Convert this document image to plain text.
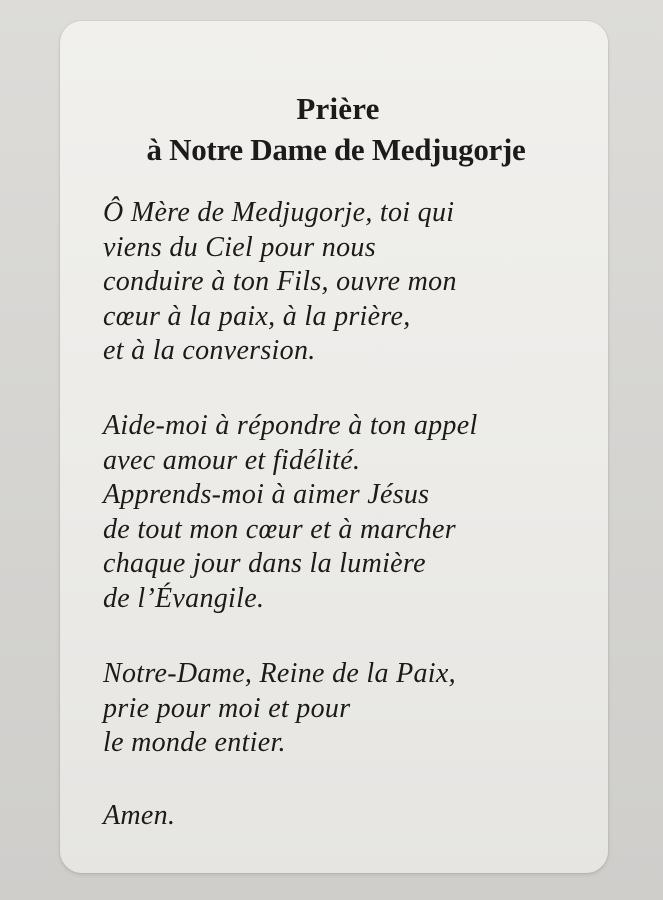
Prière
à Notre Dame de Medjugorje
Ô Mère de Medjugorje, toi qui
viens du Ciel pour nous
conduire à ton Fils, ouvre mon
cœur à la paix, à la prière,
et à la conversion.
Aide-moi à répondre à ton appel
avec amour et fidélité.
Apprends-moi à aimer Jésus
de tout mon cœur et à marcher
chaque jour dans la lumière
de l’Évangile.
Notre-Dame, Reine de la Paix,
prie pour moi et pour
le monde entier.
Amen.
